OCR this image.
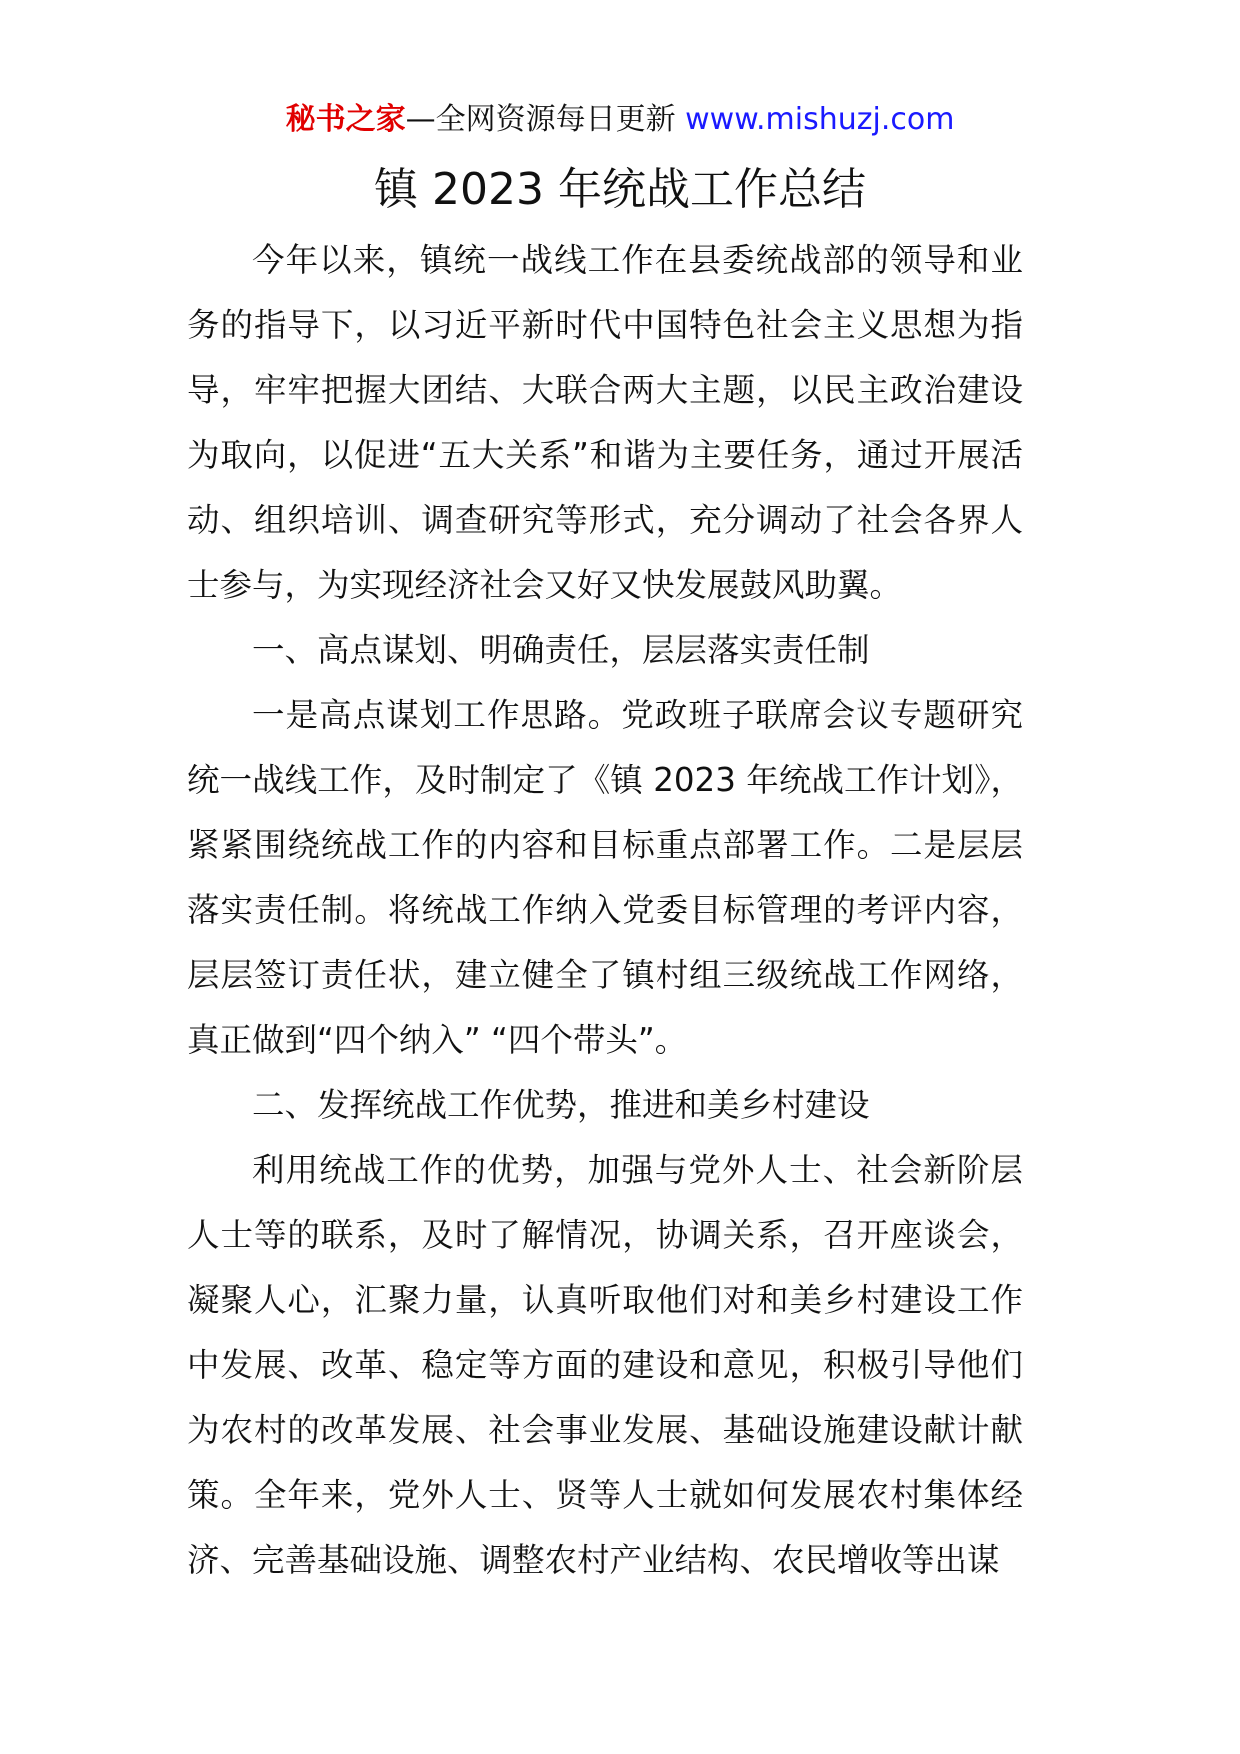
秘书之家—全网资源每日更新 www.mishuzj.com
镇 2023 年统战工作总结

今年以来，镇统一战线工作在县委统战部的领导和业务的指导下，以习近平新时代中国特色社会主义思想为指导，牢牢把握大团结、大联合两大主题，以民主政治建设为取向，以促进“五大关系”和谐为主要任务，通过开展活动、组织培训、调查研究等形式，充分调动了社会各界人士参与，为实现经济社会又好又快发展鼓风助翼。

一、高点谋划、明确责任，层层落实责任制

一是高点谋划工作思路。党政班子联席会议专题研究统一战线工作，及时制定了《镇 2023 年统战工作计划》，紧紧围绕统战工作的内容和目标重点部署工作。二是层层落实责任制。将统战工作纳入党委目标管理的考评内容，层层签订责任状，建立健全了镇村组三级统战工作网络，真正做到“四个纳入” “四个带头”。

二、发挥统战工作优势，推进和美乡村建设

利用统战工作的优势，加强与党外人士、社会新阶层人士等的联系，及时了解情况，协调关系，召开座谈会，凝聚人心，汇聚力量，认真听取他们对和美乡村建设工作中发展、改革、稳定等方面的建设和意见，积极引导他们为农村的改革发展、社会事业发展、基础设施建设献计献策。全年来，党外人士、贤等人士就如何发展农村集体经济、完善基础设施、调整农村产业结构、农民增收等出谋
